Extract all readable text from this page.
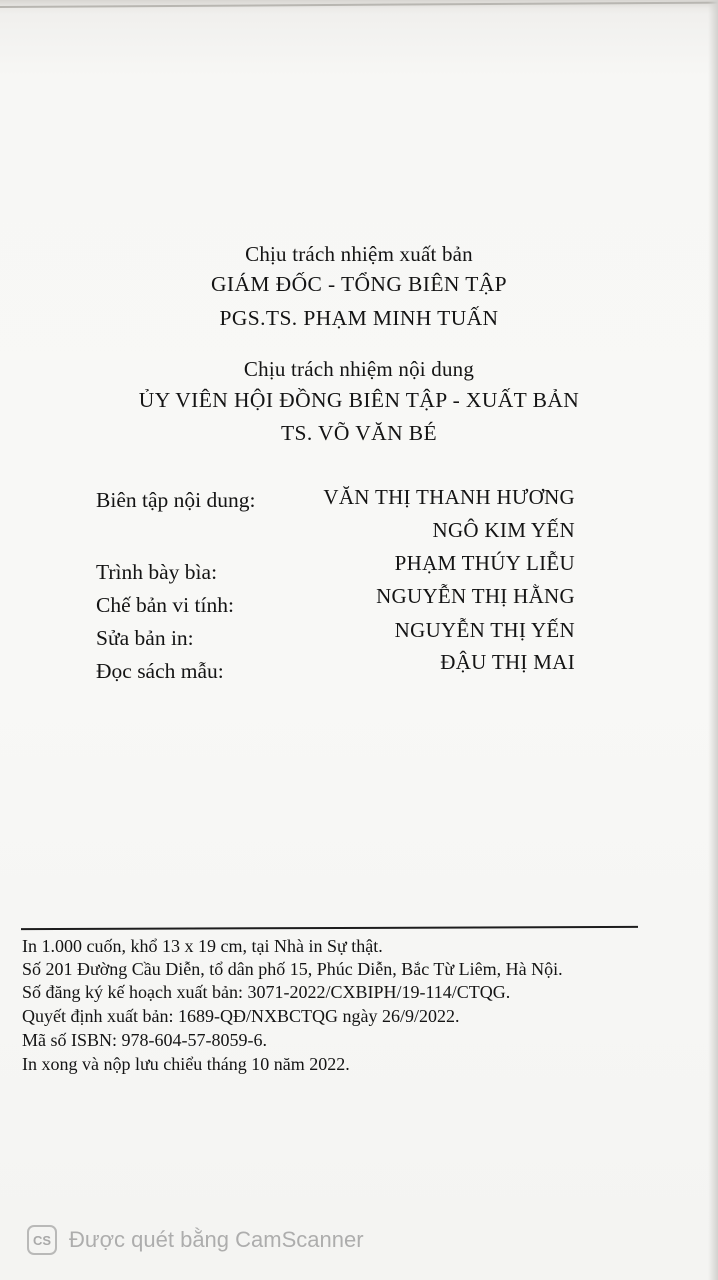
Chịu trách nhiệm xuất bản
GIÁM ĐỐC - TỔNG BIÊN TẬP
PGS.TS. PHẠM MINH TUẤN
Chịu trách nhiệm nội dung
ỦY VIÊN HỘI ĐỒNG BIÊN TẬP - XUẤT BẢN
TS. VÕ VĂN BÉ
Biên tập nội dung:	VĂN THỊ THANH HƯƠNG
NGÔ KIM YẾN
Trình bày bìa:	PHẠM THÚY LIỄU
Chế bản vi tính:	NGUYỄN THỊ HẰNG
Sửa bản in:	NGUYỄN THỊ YẾN
Đọc sách mẫu:	ĐẬU THỊ MAI
In 1.000 cuốn, khổ 13 x 19 cm, tại Nhà in Sự thật.
Số 201 Đường Cầu Diễn, tổ dân phố 15, Phúc Diễn, Bắc Từ Liêm, Hà Nội.
Số đăng ký kế hoạch xuất bản: 3071-2022/CXBIPH/19-114/CTQG.
Quyết định xuất bản: 1689-QĐ/NXBCTQG ngày 26/9/2022.
Mã số ISBN: 978-604-57-8059-6.
In xong và nộp lưu chiểu tháng 10 năm 2022.
CS Được quét bằng CamScanner
